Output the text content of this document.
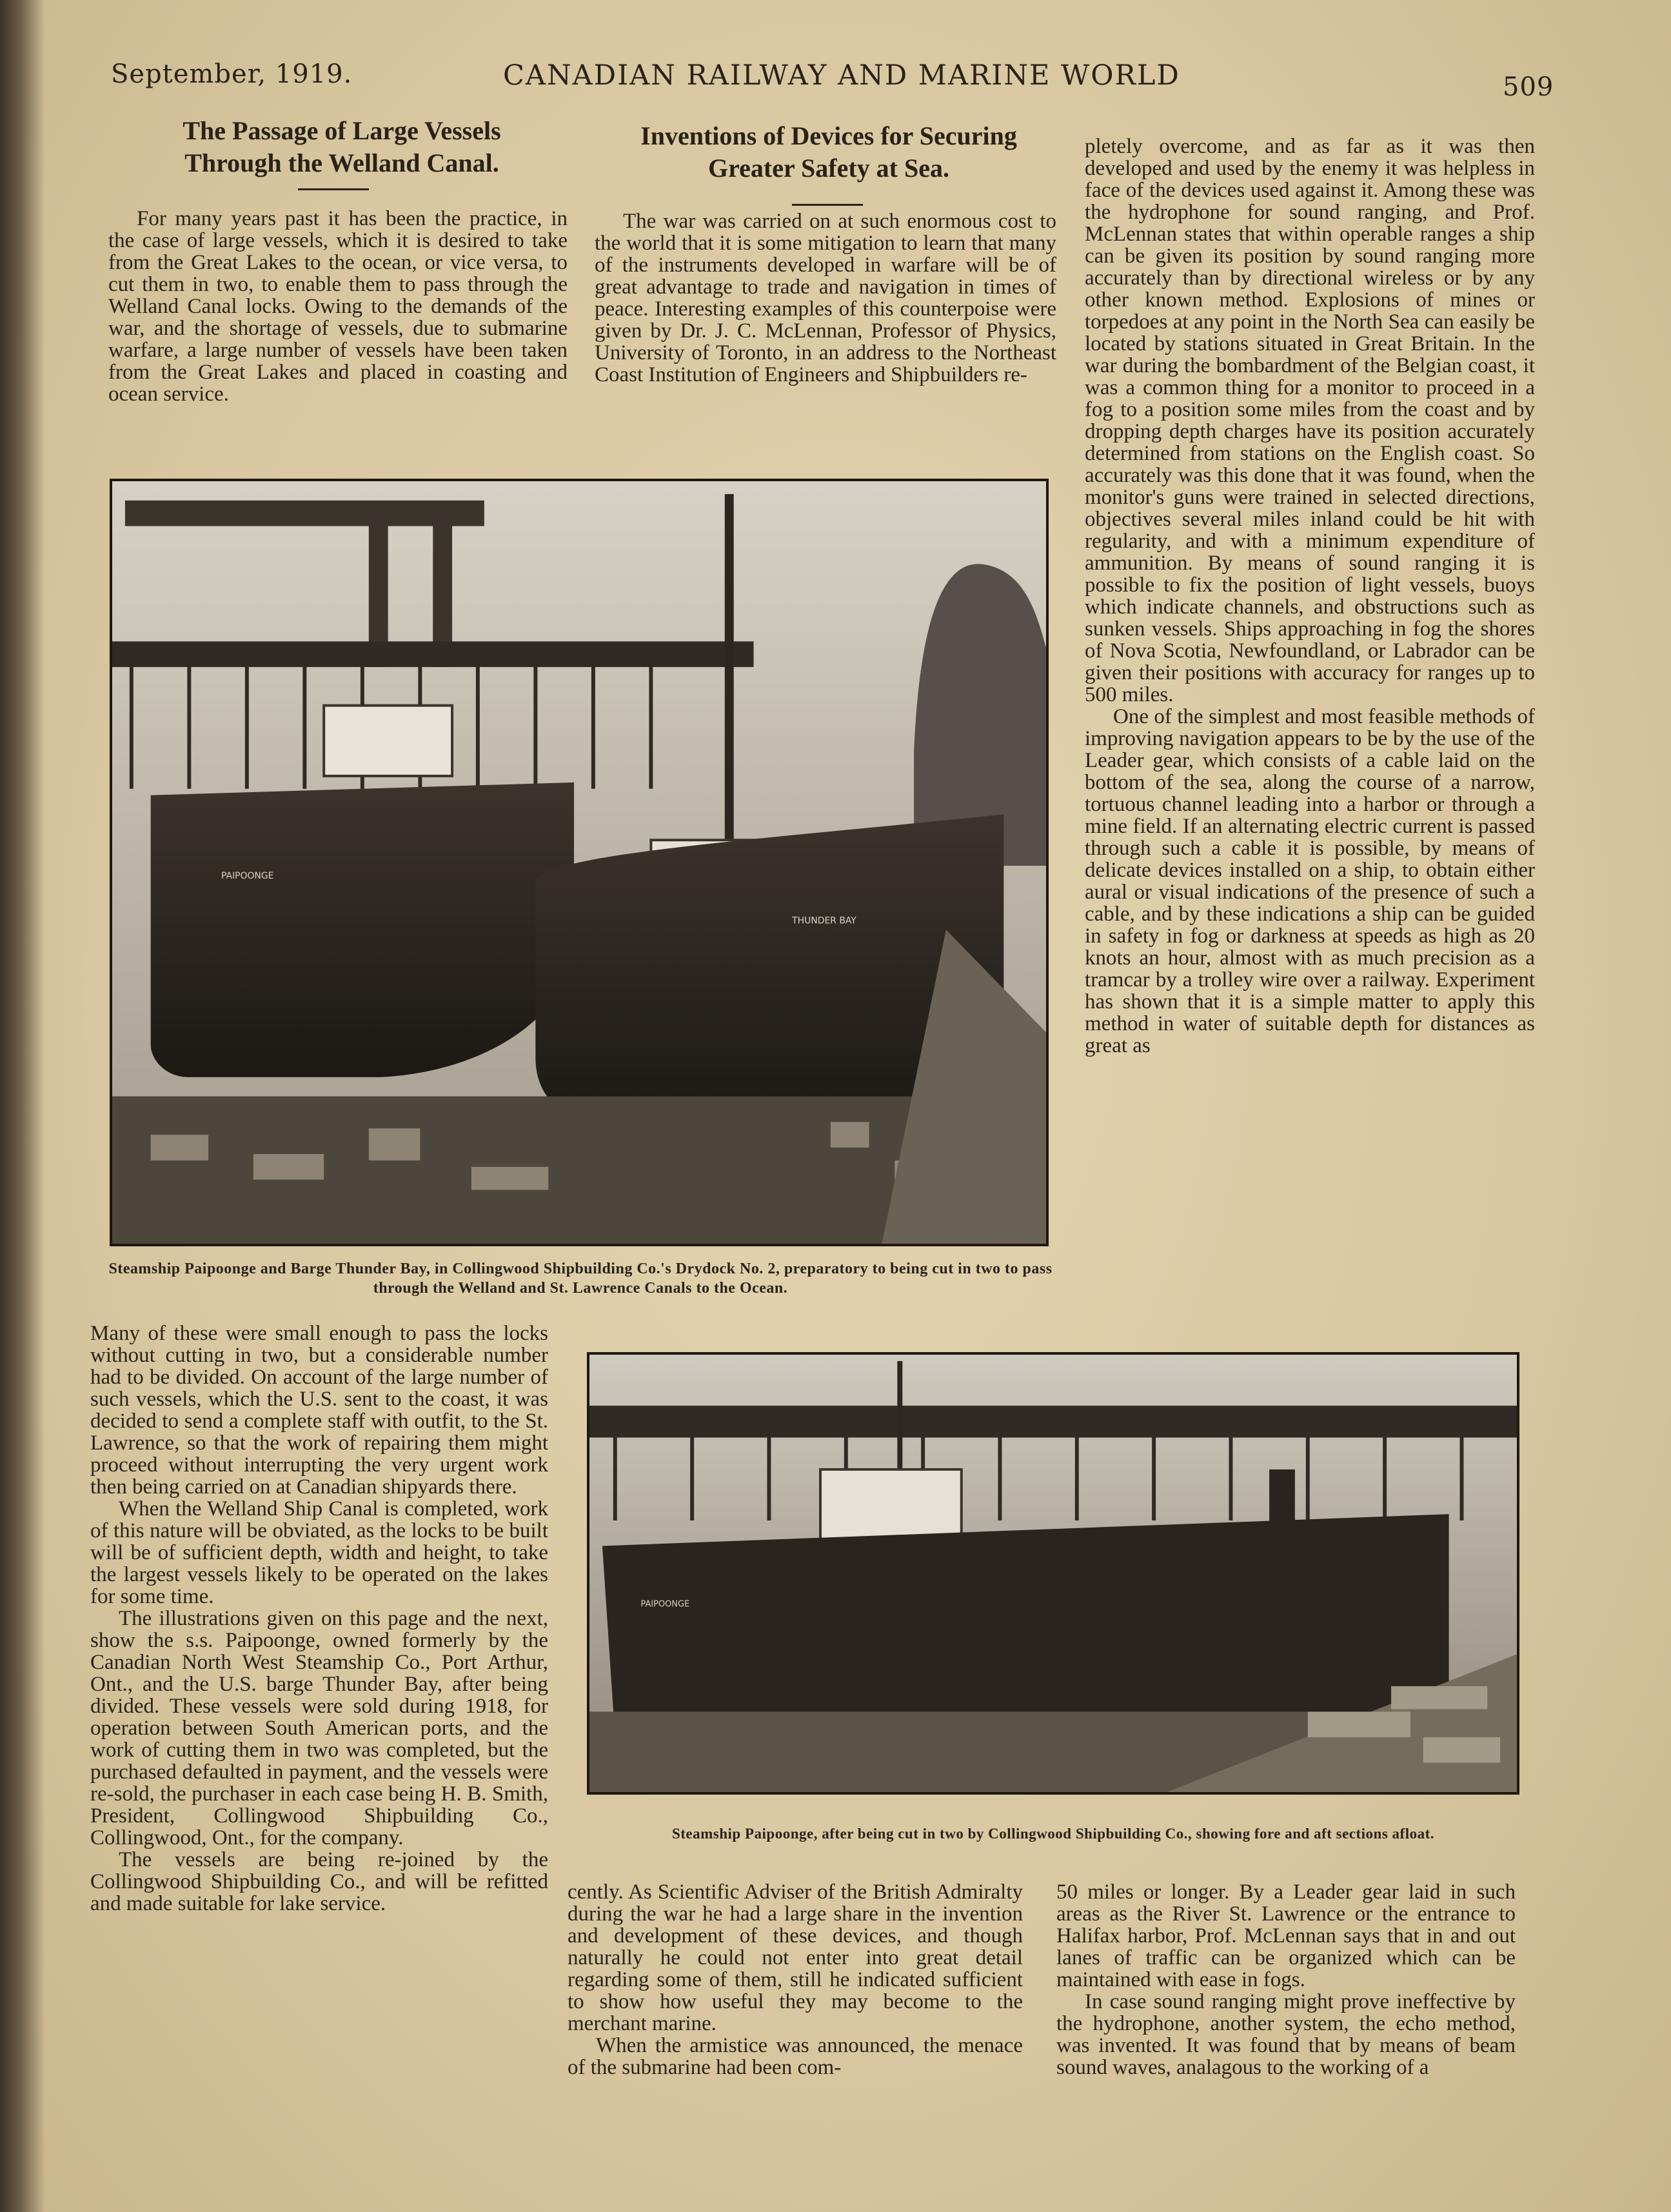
September, 1919.	CANADIAN RAILWAY AND MARINE WORLD	509
The Passage of Large Vessels
Through the Welland Canal.

For many years past it has been the practice, in the case of large vessels, which it is desired to take from the Great Lakes to the ocean, or vice versa, to cut them in two, to enable them to pass through the Welland Canal locks. Owing to the demands of the war, and the shortage of vessels, due to submarine warfare, a large number of vessels have been taken from the Great Lakes and placed in coasting and ocean service.

Inventions of Devices for Securing
Greater Safety at Sea.

The war was carried on at such enormous cost to the world that it is some mitigation to learn that many of the instruments developed in warfare will be of great advantage to trade and navigation in times of peace. Interesting examples of this counterpoise were given by Dr. J. C. McLennan, Professor of Physics, University of Toronto, in an address to the Northeast Coast Institution of Engineers and Shipbuilders re-

pletely overcome, and as far as it was then developed and used by the enemy it was helpless in face of the devices used against it. Among these was the hydrophone for sound ranging, and Prof. McLennan states that within operable ranges a ship can be given its position by sound ranging more accurately than by directional wireless or by any other known method. Explosions of mines or torpedoes at any point in the North Sea can easily be located by stations situated in Great Britain. In the war during the bombardment of the Belgian coast, it was a common thing for a monitor to proceed in a fog to a position some miles from the coast and by dropping depth charges have its position accurately determined from stations on the English coast. So accurately was this done that it was found, when the monitor's guns were trained in selected directions, objectives several miles inland could be hit with regularity, and with a minimum expenditure of ammunition. By means of sound ranging it is possible to fix the position of light vessels, buoys which indicate channels, and obstructions such as sunken vessels. Ships approaching in fog the shores of Nova Scotia, Newfoundland, or Labrador can be given their positions with accuracy for ranges up to 500 miles.

One of the simplest and most feasible methods of improving navigation appears to be by the use of the Leader gear, which consists of a cable laid on the bottom of the sea, along the course of a narrow, tortuous channel leading into a harbor or through a mine field. If an alternating electric current is passed through such a cable it is possible, by means of delicate devices installed on a ship, to obtain either aural or visual indications of the presence of such a cable, and by these indications a ship can be guided in safety in fog or darkness at speeds as high as 20 knots an hour, almost with as much precision as a tramcar by a trolley wire over a railway. Experiment has shown that it is a simple matter to apply this method in water of suitable depth for distances as great as

PAIPOONGE
THUNDER BAY
Steamship Paipoonge and Barge Thunder Bay, in Collingwood Shipbuilding Co.'s Drydock No. 2, preparatory to being cut in two to pass through the Welland and St. Lawrence Canals to the Ocean.

Many of these were small enough to pass the locks without cutting in two, but a considerable number had to be divided. On account of the large number of such vessels, which the U.S. sent to the coast, it was decided to send a complete staff with outfit, to the St. Lawrence, so that the work of repairing them might proceed without interrupting the very urgent work then being carried on at Canadian shipyards there.

When the Welland Ship Canal is completed, work of this nature will be obviated, as the locks to be built will be of sufficient depth, width and height, to take the largest vessels likely to be operated on the lakes for some time.

The illustrations given on this page and the next, show the s.s. Paipoonge, owned formerly by the Canadian North West Steamship Co., Port Arthur, Ont., and the U.S. barge Thunder Bay, after being divided. These vessels were sold during 1918, for operation between South American ports, and the work of cutting them in two was completed, but the purchased defaulted in payment, and the vessels were re-sold, the purchaser in each case being H. B. Smith, President, Collingwood Shipbuilding Co., Collingwood, Ont., for the company.

The vessels are being re-joined by the Collingwood Shipbuilding Co., and will be refitted and made suitable for lake service.

PAIPOONGE
Steamship Paipoonge, after being cut in two by Collingwood Shipbuilding Co., showing fore and aft sections afloat.

cently. As Scientific Adviser of the British Admiralty during the war he had a large share in the invention and development of these devices, and though naturally he could not enter into great detail regarding some of them, still he indicated sufficient to show how useful they may become to the merchant marine.

When the armistice was announced, the menace of the submarine had been com-

50 miles or longer. By a Leader gear laid in such areas as the River St. Lawrence or the entrance to Halifax harbor, Prof. McLennan says that in and out lanes of traffic can be organized which can be maintained with ease in fogs.

In case sound ranging might prove ineffective by the hydrophone, another system, the echo method, was invented. It was found that by means of beam sound waves, analagous to the working of a
